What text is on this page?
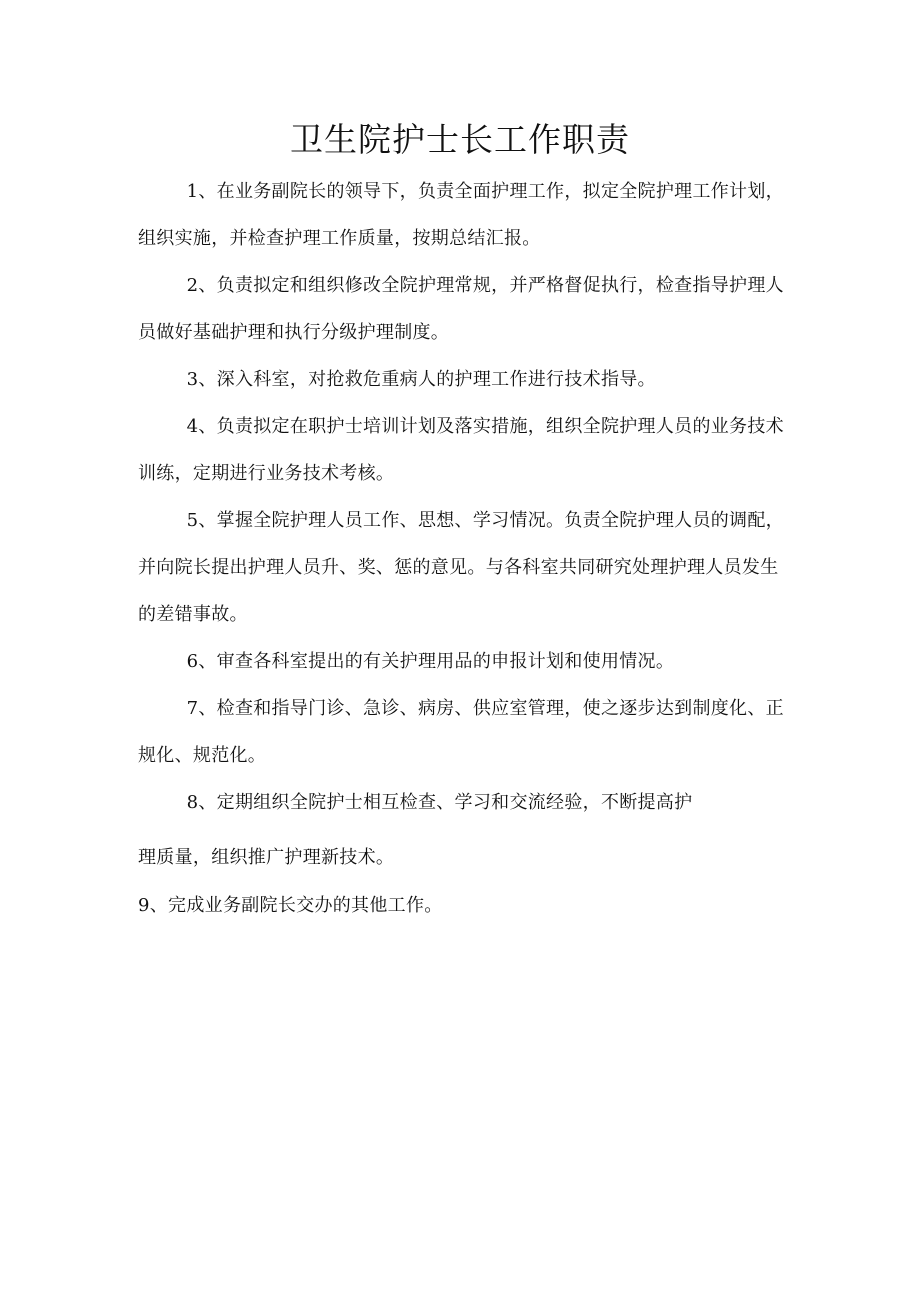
卫生院护士长工作职责

1、在业务副院长的领导下，负责全面护理工作，拟定全院护理工作计划，组织实施，并检查护理工作质量，按期总结汇报。

2、负责拟定和组织修改全院护理常规，并严格督促执行，检查指导护理人员做好基础护理和执行分级护理制度。

3、深入科室，对抢救危重病人的护理工作进行技术指导。

4、负责拟定在职护士培训计划及落实措施，组织全院护理人员的业务技术训练，定期进行业务技术考核。

5、掌握全院护理人员工作、思想、学习情况。负责全院护理人员的调配，并向院长提出护理人员升、奖、惩的意见。与各科室共同研究处理护理人员发生的差错事故。

6、审查各科室提出的有关护理用品的申报计划和使用情况。

7、检查和指导门诊、急诊、病房、供应室管理，使之逐步达到制度化、正规化、规范化。

8、定期组织全院护士相互检查、学习和交流经验，不断提高护
理质量，组织推广护理新技术。

9、完成业务副院长交办的其他工作。
